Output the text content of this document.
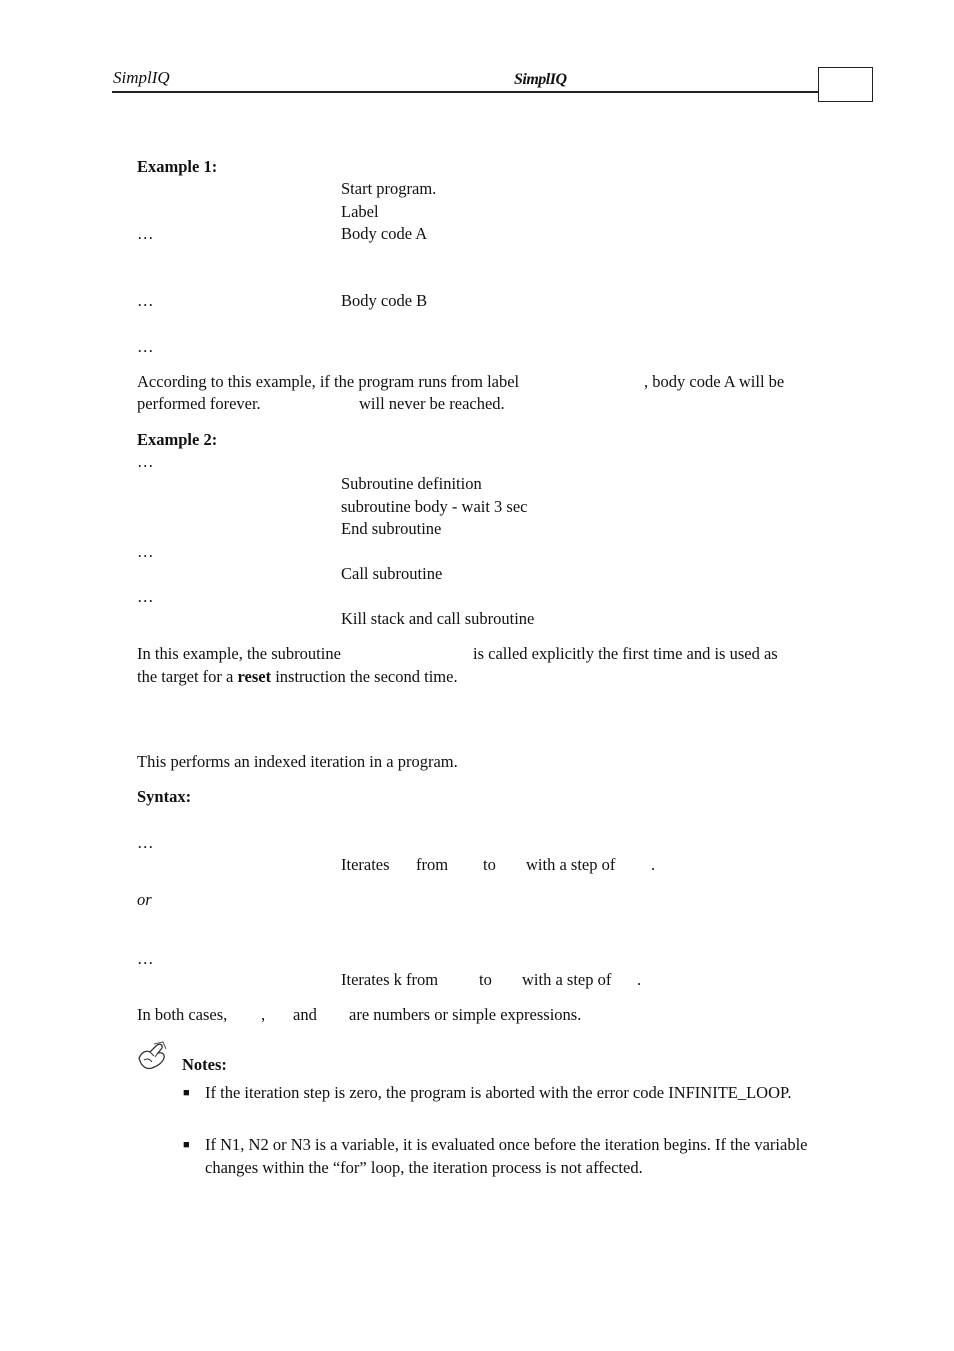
SimplIQ	SimplIQ
Example 1:
Start program.
Label
…	Body code A
…	Body code B
…
According to this example, if the program runs from label	, body code A will be
performed forever.	will never be reached.
Example 2:
…
Subroutine definition
subroutine body - wait 3 sec
End subroutine
…
Call subroutine
…
Kill stack and call subroutine
In this example, the subroutine	is called explicitly the first time and is used as
the target for a reset instruction the second time.
This performs an indexed iteration in a program.
Syntax:
…
Iterates from to with a step of .
or
…
Iterates k from to with a step of .
In both cases, , and are numbers or simple expressions.
Notes:
■ If the iteration step is zero, the program is aborted with the error code INFINITE_LOOP.
■ If N1, N2 or N3 is a variable, it is evaluated once before the iteration begins. If the variable changes within the “for” loop, the iteration process is not affected.
